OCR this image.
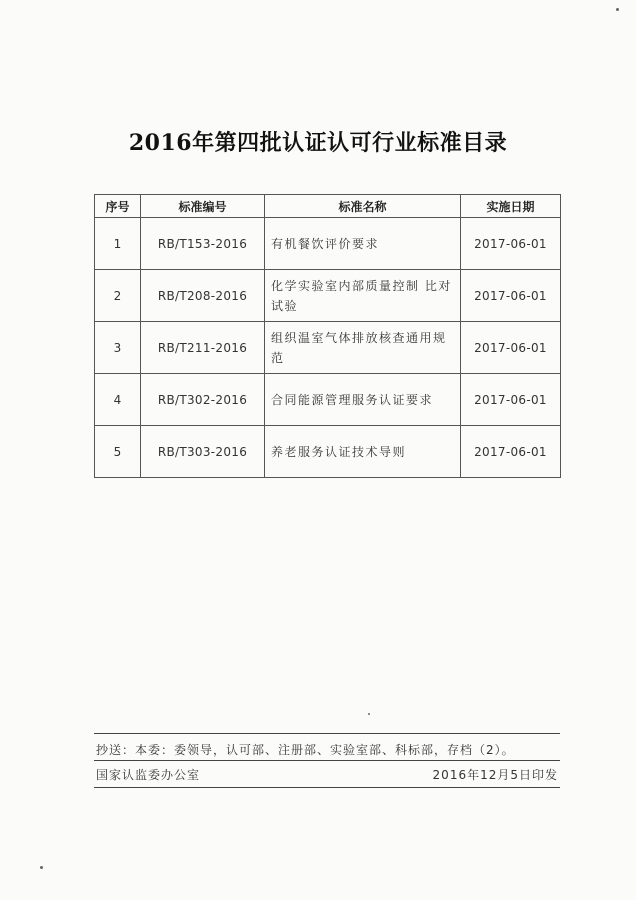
2016年第四批认证认可行业标准目录
序号	标准编号	标准名称	实施日期
1	RB/T153-2016	有机餐饮评价要求	2017-06-01
2	RB/T208-2016	化学实验室内部质量控制 比对试验	2017-06-01
3	RB/T211-2016	组织温室气体排放核查通用规范	2017-06-01
4	RB/T302-2016	合同能源管理服务认证要求	2017-06-01
5	RB/T303-2016	养老服务认证技术导则	2017-06-01
抄送：本委：委领导，认可部、注册部、实验室部、科标部，存档（2）。
国家认监委办公室	2016年12月5日印发
